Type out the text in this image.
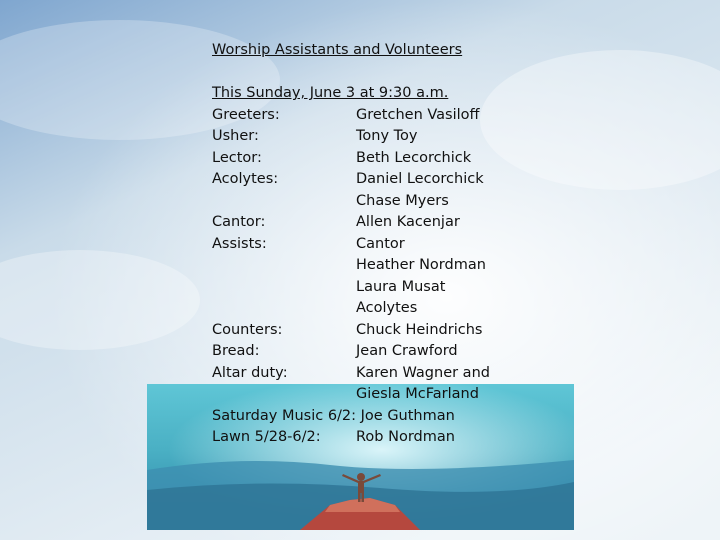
Worship Assistants and Volunteers
This Sunday, June 3 at 9:30 a.m.
Greeters:	Gretchen Vasiloff
Usher:	Tony Toy
Lector:	Beth Lecorchick
Acolytes:	Daniel Lecorchick
Chase Myers
Cantor:	Allen Kacenjar
Assists:	Cantor
Heather Nordman
Laura Musat
Acolytes
Counters:	Chuck Heindrichs
Bread:	Jean Crawford
Altar duty:	Karen Wagner and
Giesla McFarland
Saturday Music 6/2: Joe Guthman
Lawn 5/28-6/2: Rob Nordman
